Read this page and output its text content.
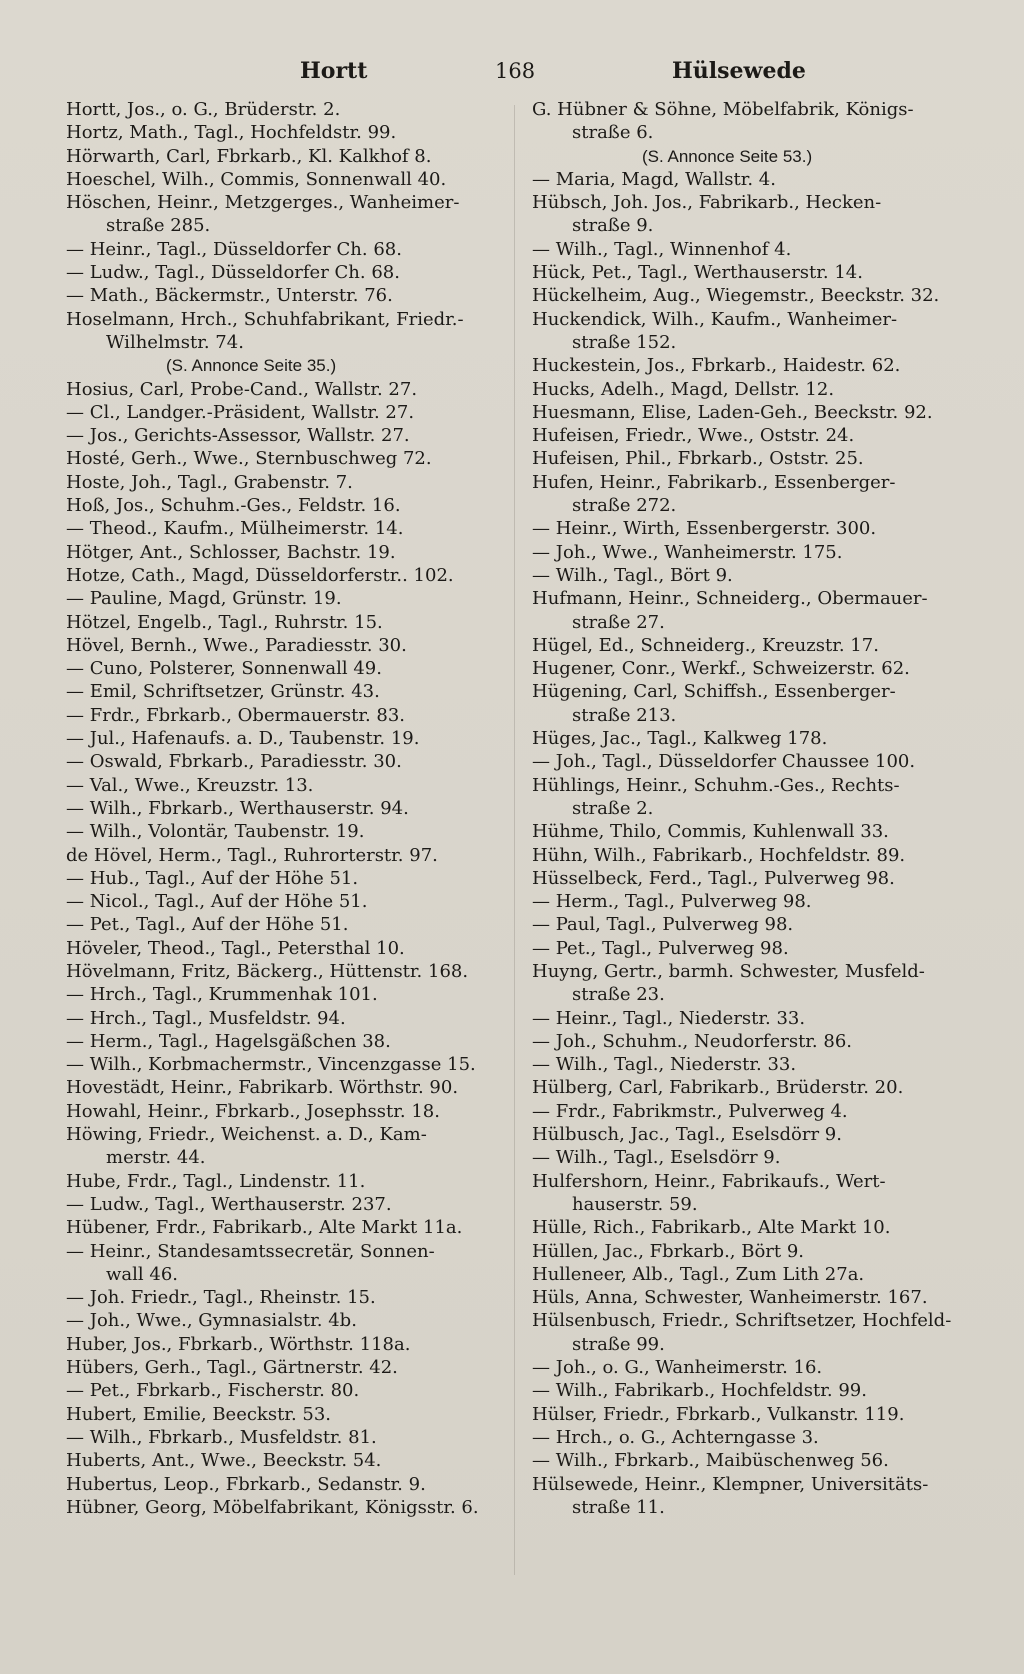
Hortt	168	Hülsewede
Hortt, Jos., o. G., Brüderstr. 2.
Hortz, Math., Tagl., Hochfeldstr. 99.
Hörwarth, Carl, Fbrkarb., Kl. Kalkhof 8.
Hoeschel, Wilh., Commis, Sonnenwall 40.
Höschen, Heinr., Metzgerges., Wanheimer-
straße 285.
— Heinr., Tagl., Düsseldorfer Ch. 68.
— Ludw., Tagl., Düsseldorfer Ch. 68.
— Math., Bäckermstr., Unterstr. 76.
Hoselmann, Hrch., Schuhfabrikant, Friedr.-
Wilhelmstr. 74.
(S. Annonce Seite 35.)
Hosius, Carl, Probe-Cand., Wallstr. 27.
— Cl., Landger.-Präsident, Wallstr. 27.
— Jos., Gerichts-Assessor, Wallstr. 27.
Hosté, Gerh., Wwe., Sternbuschweg 72.
Hoste, Joh., Tagl., Grabenstr. 7.
Hoß, Jos., Schuhm.-Ges., Feldstr. 16.
— Theod., Kaufm., Mülheimerstr. 14.
Hötger, Ant., Schlosser, Bachstr. 19.
Hotze, Cath., Magd, Düsseldorferstr.. 102.
— Pauline, Magd, Grünstr. 19.
Hötzel, Engelb., Tagl., Ruhrstr. 15.
Hövel, Bernh., Wwe., Paradiesstr. 30.
— Cuno, Polsterer, Sonnenwall 49.
— Emil, Schriftsetzer, Grünstr. 43.
— Frdr., Fbrkarb., Obermauerstr. 83.
— Jul., Hafenaufs. a. D., Taubenstr. 19.
— Oswald, Fbrkarb., Paradiesstr. 30.
— Val., Wwe., Kreuzstr. 13.
— Wilh., Fbrkarb., Werthauserstr. 94.
— Wilh., Volontär, Taubenstr. 19.
de Hövel, Herm., Tagl., Ruhrorterstr. 97.
— Hub., Tagl., Auf der Höhe 51.
— Nicol., Tagl., Auf der Höhe 51.
— Pet., Tagl., Auf der Höhe 51.
Höveler, Theod., Tagl., Petersthal 10.
Hövelmann, Fritz, Bäckerg., Hüttenstr. 168.
— Hrch., Tagl., Krummenhak 101.
— Hrch., Tagl., Musfeldstr. 94.
— Herm., Tagl., Hagelsgäßchen 38.
— Wilh., Korbmachermstr., Vincenzgasse 15.
Hovestädt, Heinr., Fabrikarb. Wörthstr. 90.
Howahl, Heinr., Fbrkarb., Josephsstr. 18.
Höwing, Friedr., Weichenst. a. D., Kam-
merstr. 44.
Hube, Frdr., Tagl., Lindenstr. 11.
— Ludw., Tagl., Werthauserstr. 237.
Hübener, Frdr., Fabrikarb., Alte Markt 11a.
— Heinr., Standesamtssecretär, Sonnen-
wall 46.
— Joh. Friedr., Tagl., Rheinstr. 15.
— Joh., Wwe., Gymnasialstr. 4b.
Huber, Jos., Fbrkarb., Wörthstr. 118a.
Hübers, Gerh., Tagl., Gärtnerstr. 42.
— Pet., Fbrkarb., Fischerstr. 80.
Hubert, Emilie, Beeckstr. 53.
— Wilh., Fbrkarb., Musfeldstr. 81.
Huberts, Ant., Wwe., Beeckstr. 54.
Hubertus, Leop., Fbrkarb., Sedanstr. 9.
Hübner, Georg, Möbelfabrikant, Königsstr. 6.
G. Hübner & Söhne, Möbelfabrik, Königs-
straße 6.
(S. Annonce Seite 53.)
— Maria, Magd, Wallstr. 4.
Hübsch, Joh. Jos., Fabrikarb., Hecken-
straße 9.
— Wilh., Tagl., Winnenhof 4.
Hück, Pet., Tagl., Werthauserstr. 14.
Hückelheim, Aug., Wiegemstr., Beeckstr. 32.
Huckendick, Wilh., Kaufm., Wanheimer-
straße 152.
Huckestein, Jos., Fbrkarb., Haidestr. 62.
Hucks, Adelh., Magd, Dellstr. 12.
Huesmann, Elise, Laden-Geh., Beeckstr. 92.
Hufeisen, Friedr., Wwe., Oststr. 24.
Hufeisen, Phil., Fbrkarb., Oststr. 25.
Hufen, Heinr., Fabrikarb., Essenberger-
straße 272.
— Heinr., Wirth, Essenbergerstr. 300.
— Joh., Wwe., Wanheimerstr. 175.
— Wilh., Tagl., Bört 9.
Hufmann, Heinr., Schneiderg., Obermauer-
straße 27.
Hügel, Ed., Schneiderg., Kreuzstr. 17.
Hugener, Conr., Werkf., Schweizerstr. 62.
Hügening, Carl, Schiffsh., Essenberger-
straße 213.
Hüges, Jac., Tagl., Kalkweg 178.
— Joh., Tagl., Düsseldorfer Chaussee 100.
Hühlings, Heinr., Schuhm.-Ges., Rechts-
straße 2.
Hühme, Thilo, Commis, Kuhlenwall 33.
Hühn, Wilh., Fabrikarb., Hochfeldstr. 89.
Hüsselbeck, Ferd., Tagl., Pulverweg 98.
— Herm., Tagl., Pulverweg 98.
— Paul, Tagl., Pulverweg 98.
— Pet., Tagl., Pulverweg 98.
Huyng, Gertr., barmh. Schwester, Musfeld-
straße 23.
— Heinr., Tagl., Niederstr. 33.
— Joh., Schuhm., Neudorferstr. 86.
— Wilh., Tagl., Niederstr. 33.
Hülberg, Carl, Fabrikarb., Brüderstr. 20.
— Frdr., Fabrikmstr., Pulverweg 4.
Hülbusch, Jac., Tagl., Eselsdörr 9.
— Wilh., Tagl., Eselsdörr 9.
Hulfershorn, Heinr., Fabrikaufs., Wert-
hauserstr. 59.
Hülle, Rich., Fabrikarb., Alte Markt 10.
Hüllen, Jac., Fbrkarb., Bört 9.
Hulleneer, Alb., Tagl., Zum Lith 27a.
Hüls, Anna, Schwester, Wanheimerstr. 167.
Hülsenbusch, Friedr., Schriftsetzer, Hochfeld-
straße 99.
— Joh., o. G., Wanheimerstr. 16.
— Wilh., Fabrikarb., Hochfeldstr. 99.
Hülser, Friedr., Fbrkarb., Vulkanstr. 119.
— Hrch., o. G., Achterngasse 3.
— Wilh., Fbrkarb., Maibüschenweg 56.
Hülsewede, Heinr., Klempner, Universitäts-
straße 11.
